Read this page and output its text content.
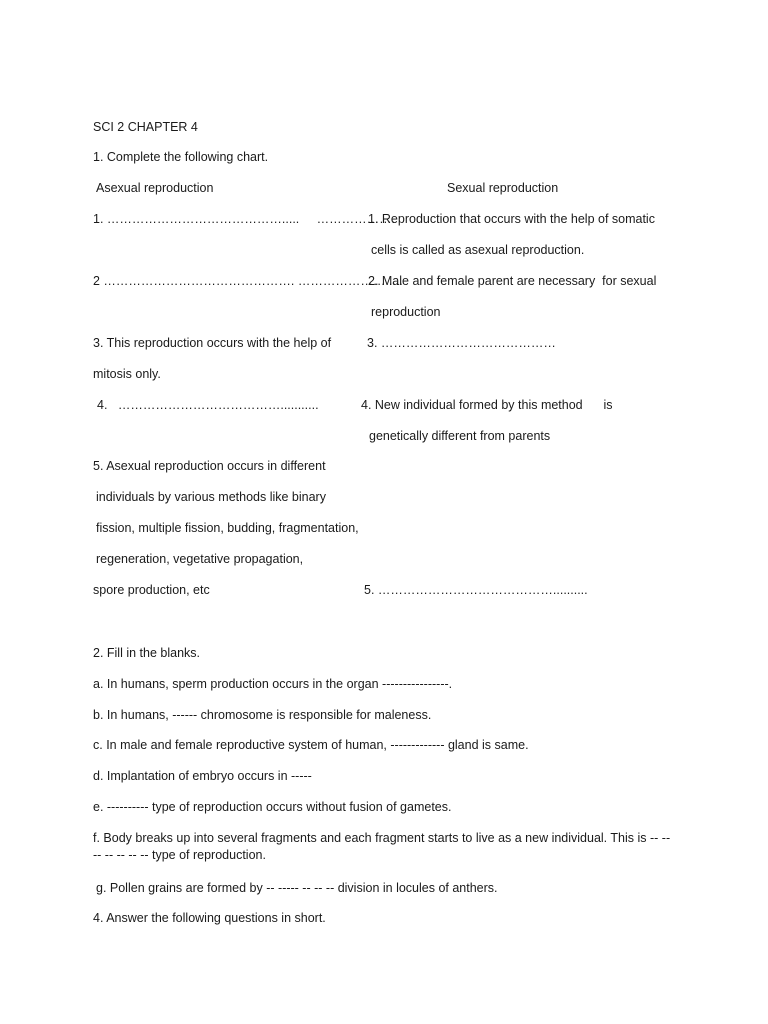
SCI 2 CHAPTER 4
1. Complete the following chart.
Asexual reproduction	Sexual reproduction
1. …………………………………….....     ……………….
2 ………………………………………. ………………….....
3. This reproduction occurs with the help of
mitosis only.
4.   …………………………………...........
5. Asexual reproduction occurs in different
individuals by various methods like binary
fission, multiple fission, budding, fragmentation,
regeneration, vegetative propagation,
spore production, etc
1. Reproduction that occurs with the help of somatic
cells is called as asexual reproduction.
2. Male and female parent are necessary  for sexual
reproduction
3. ……………………………………
4. New individual formed by this method      is
genetically different from parents
5. ……………………………………..........
2. Fill in the blanks.
a. In humans, sperm production occurs in the organ ----------------.
b. In humans, ------ chromosome is responsible for maleness.
c. In male and female reproductive system of human, ------------- gland is same.
d. Implantation of embryo occurs in -----
e. ---------- type of reproduction occurs without fusion of gametes.
f. Body breaks up into several fragments and each fragment starts to live as a new individual. This is -- -- -- -- -- -- -- type of reproduction.
g. Pollen grains are formed by -- ----- -- -- -- division in locules of anthers.
4. Answer the following questions in short.
